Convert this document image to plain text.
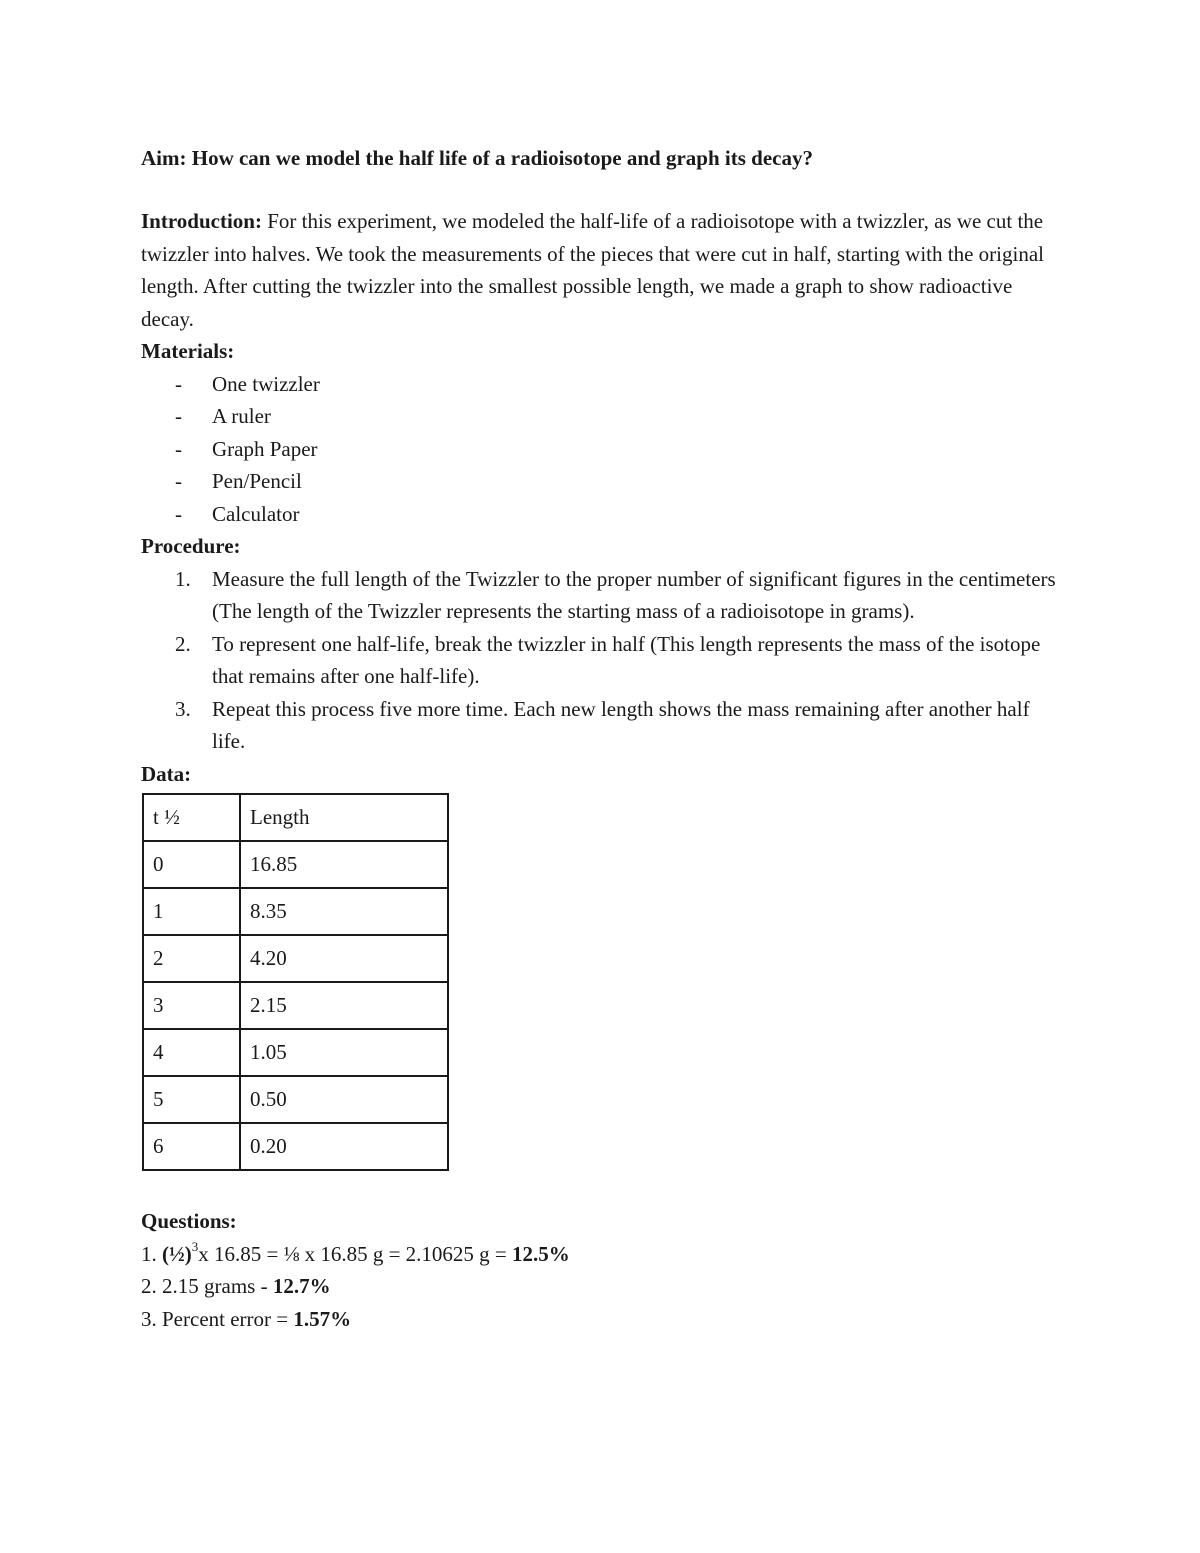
Aim: How can we model the half life of a radioisotope and graph its decay?

Introduction: For this experiment, we modeled the half-life of a radioisotope with a twizzler, as we cut the twizzler into halves. We took the measurements of the pieces that were cut in half, starting with the original length. After cutting the twizzler into the smallest possible length, we made a graph to show radioactive decay.

Materials:

- One twizzler
- A ruler
- Graph Paper
- Pen/Pencil
- Calculator

Procedure:

1. Measure the full length of the Twizzler to the proper number of significant figures in the centimeters (The length of the Twizzler represents the starting mass of a radioisotope in grams).
2. To represent one half-life, break the twizzler in half (This length represents the mass of the isotope that remains after one half-life).
3. Repeat this process five more time. Each new length shows the mass remaining after another half life.

Data:

t ½	Length
0	16.85
1	8.35
2	4.20
3	2.15
4	1.05
5	0.50
6	0.20

Questions:

1. (½)$^3$x 16.85 = ⅛ x 16.85 g = 2.10625 g = 12.5%

2. 2.15 grams - 12.7%

3. Percent error = 1.57%
